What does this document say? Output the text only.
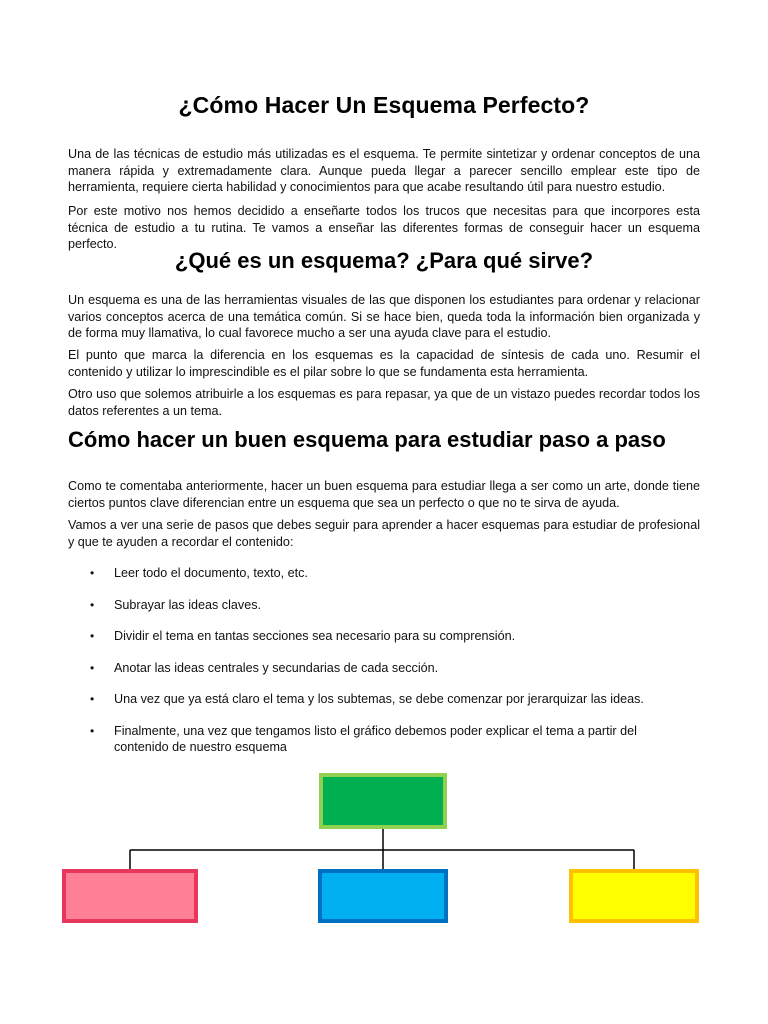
¿Cómo Hacer Un Esquema Perfecto?

Una de las técnicas de estudio más utilizadas es el esquema. Te permite sintetizar y ordenar conceptos de una manera rápida y extremadamente clara. Aunque pueda llegar a parecer sencillo emplear este tipo de herramienta, requiere cierta habilidad y conocimientos para que acabe resultando útil para nuestro estudio.

Por este motivo nos hemos decidido a enseñarte todos los trucos que necesitas para que incorpores esta técnica de estudio a tu rutina. Te vamos a enseñar las diferentes formas de conseguir hacer un esquema perfecto.

¿Qué es un esquema? ¿Para qué sirve?

Un esquema es una de las herramientas visuales de las que disponen los estudiantes para ordenar y relacionar varios conceptos acerca de una temática común. Si se hace bien, queda toda la información bien organizada y de forma muy llamativa, lo cual favorece mucho a ser una ayuda clave para el estudio.

El punto que marca la diferencia en los esquemas es la capacidad de síntesis de cada uno. Resumir el contenido y utilizar lo imprescindible es el pilar sobre lo que se fundamenta esta herramienta.

Otro uso que solemos atribuirle a los esquemas es para repasar, ya que de un vistazo puedes recordar todos los datos referentes a un tema.

Cómo hacer un buen esquema para estudiar paso a paso

Como te comentaba anteriormente, hacer un buen esquema para estudiar llega a ser como un arte, donde tiene ciertos puntos clave diferencian entre un esquema que sea un perfecto o que no te sirva de ayuda.

Vamos a ver una serie de pasos que debes seguir para aprender a hacer esquemas para estudiar de profesional y que te ayuden a recordar el contenido:

• Leer todo el documento, texto, etc.
• Subrayar las ideas claves.
• Dividir el tema en tantas secciones sea necesario para su comprensión.
• Anotar las ideas centrales y secundarias de cada sección.
• Una vez que ya está claro el tema y los subtemas, se debe comenzar por jerarquizar las ideas.
• Finalmente, una vez que tengamos listo el gráfico debemos poder explicar el tema a partir del contenido de nuestro esquema
